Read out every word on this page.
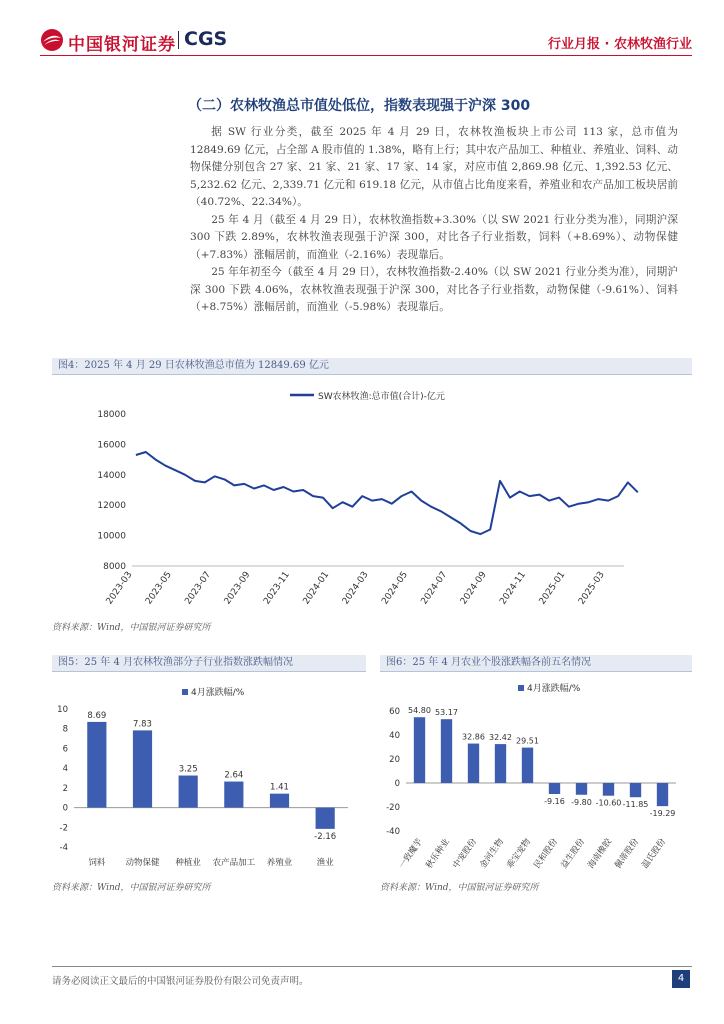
中国银河证券 CGS	行业月报 · 农林牧渔行业
（二）农林牧渔总市值处低位，指数表现强于沪深 300
据 SW 行业分类，截至 2025 年 4 月 29 日，农林牧渔板块上市公司 113 家，总市值为 12849.69 亿元，占全部 A 股市值的 1.38%，略有上行；其中农产品加工、种植业、养殖业、饲料、动物保健分别包含 27 家、21 家、21 家、17 家、14 家，对应市值 2,869.98 亿元、1,392.53 亿元、5,232.62 亿元、2,339.71 亿元和 619.18 亿元，从市值占比角度来看，养殖业和农产品加工板块居前（40.72%、22.34%）。
25 年 4 月（截至 4 月 29 日），农林牧渔指数+3.30%（以 SW 2021 行业分类为准），同期沪深 300 下跌 2.89%，农林牧渔表现强于沪深 300，对比各子行业指数，饲料（+8.69%）、动物保健（+7.83%）涨幅居前，而渔业（-2.16%）表现靠后。
25 年年初至今（截至 4 月 29 日），农林牧渔指数-2.40%（以 SW 2021 行业分类为准），同期沪深 300 下跌 4.06%，农林牧渔表现强于沪深 300，对比各子行业指数，动物保健（-9.61%）、饲料（+8.75%）涨幅居前，而渔业（-5.98%）表现靠后。
图4：2025 年 4 月 29 日农林牧渔总市值为 12849.69 亿元
SW农林牧渔:总市值(合计)-亿元
8000
10000
12000
14000
16000
18000
2023-03 2023-05 2023-07 2023-09 2023-11 2024-01 2024-03 2024-05 2024-07 2024-09 2024-11 2025-01 2025-03
资料来源：Wind，中国银河证券研究所
图5：25 年 4 月农林牧渔部分子行业指数涨跌幅情况
4月涨跌幅/%
-4
-2
0
2
4
6
8
10
8.69
饲料
7.83
动物保健
3.25
种植业
2.64
农产品加工
1.41
养殖业
-2.16
渔业
资料来源：Wind，中国银河证券研究所
图6：25 年 4 月农业个股涨跌幅各前五名情况
4月涨跌幅/%
-40
-20
0
20
40
60 54.80
一致魔芋
53.17
秋乐种业
32.86
中宠股份
32.42
金河生物
29.51
乖宝宠物
-9.16
民和股份
-9.80
益生股份
-10.60
海南橡胶
-11.85
佩蒂股份
-19.29
温氏股份
资料来源：Wind，中国银河证券研究所
请务必阅读正文最后的中国银河证券股份有限公司免责声明。	4
